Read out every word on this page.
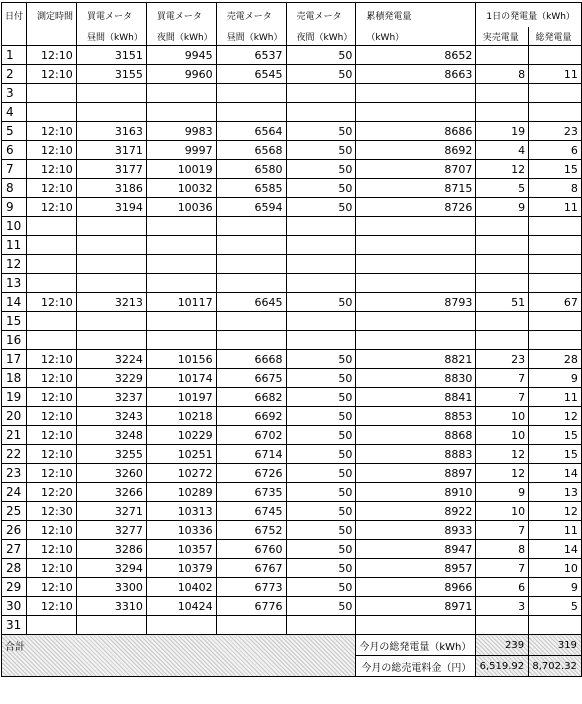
日付	測定時間	買電メータ	買電メータ	売電メータ	売電メータ	累積発電量	1日の発電量（kWh）	
		昼間（kWh）	夜間（kWh）	昼間（kWh）	夜間（kWh）	（kWh）	実売電量	総発電量
1	12:10	3151	9945	6537	50	8652		
2	12:10	3155	9960	6545	50	8663	8	11
3								
4								
5	12:10	3163	9983	6564	50	8686	19	23
6	12:10	3171	9997	6568	50	8692	4	6
7	12:10	3177	10019	6580	50	8707	12	15
8	12:10	3186	10032	6585	50	8715	5	8
9	12:10	3194	10036	6594	50	8726	9	11
10								
11								
12								
13								
14	12:10	3213	10117	6645	50	8793	51	67
15								
16								
17	12:10	3224	10156	6668	50	8821	23	28
18	12:10	3229	10174	6675	50	8830	7	9
19	12:10	3237	10197	6682	50	8841	7	11
20	12:10	3243	10218	6692	50	8853	10	12
21	12:10	3248	10229	6702	50	8868	10	15
22	12:10	3255	10251	6714	50	8883	12	15
23	12:10	3260	10272	6726	50	8897	12	14
24	12:20	3266	10289	6735	50	8910	9	13
25	12:30	3271	10313	6745	50	8922	10	12
26	12:10	3277	10336	6752	50	8933	7	11
27	12:10	3286	10357	6760	50	8947	8	14
28	12:10	3294	10379	6767	50	8957	7	10
29	12:10	3300	10402	6773	50	8966	6	9
30	12:10	3310	10424	6776	50	8971	3	5
31								
合計						今月の総発電量（kWh）	239	319
						今月の総売電料金（円）	6,519.92	8,702.32
